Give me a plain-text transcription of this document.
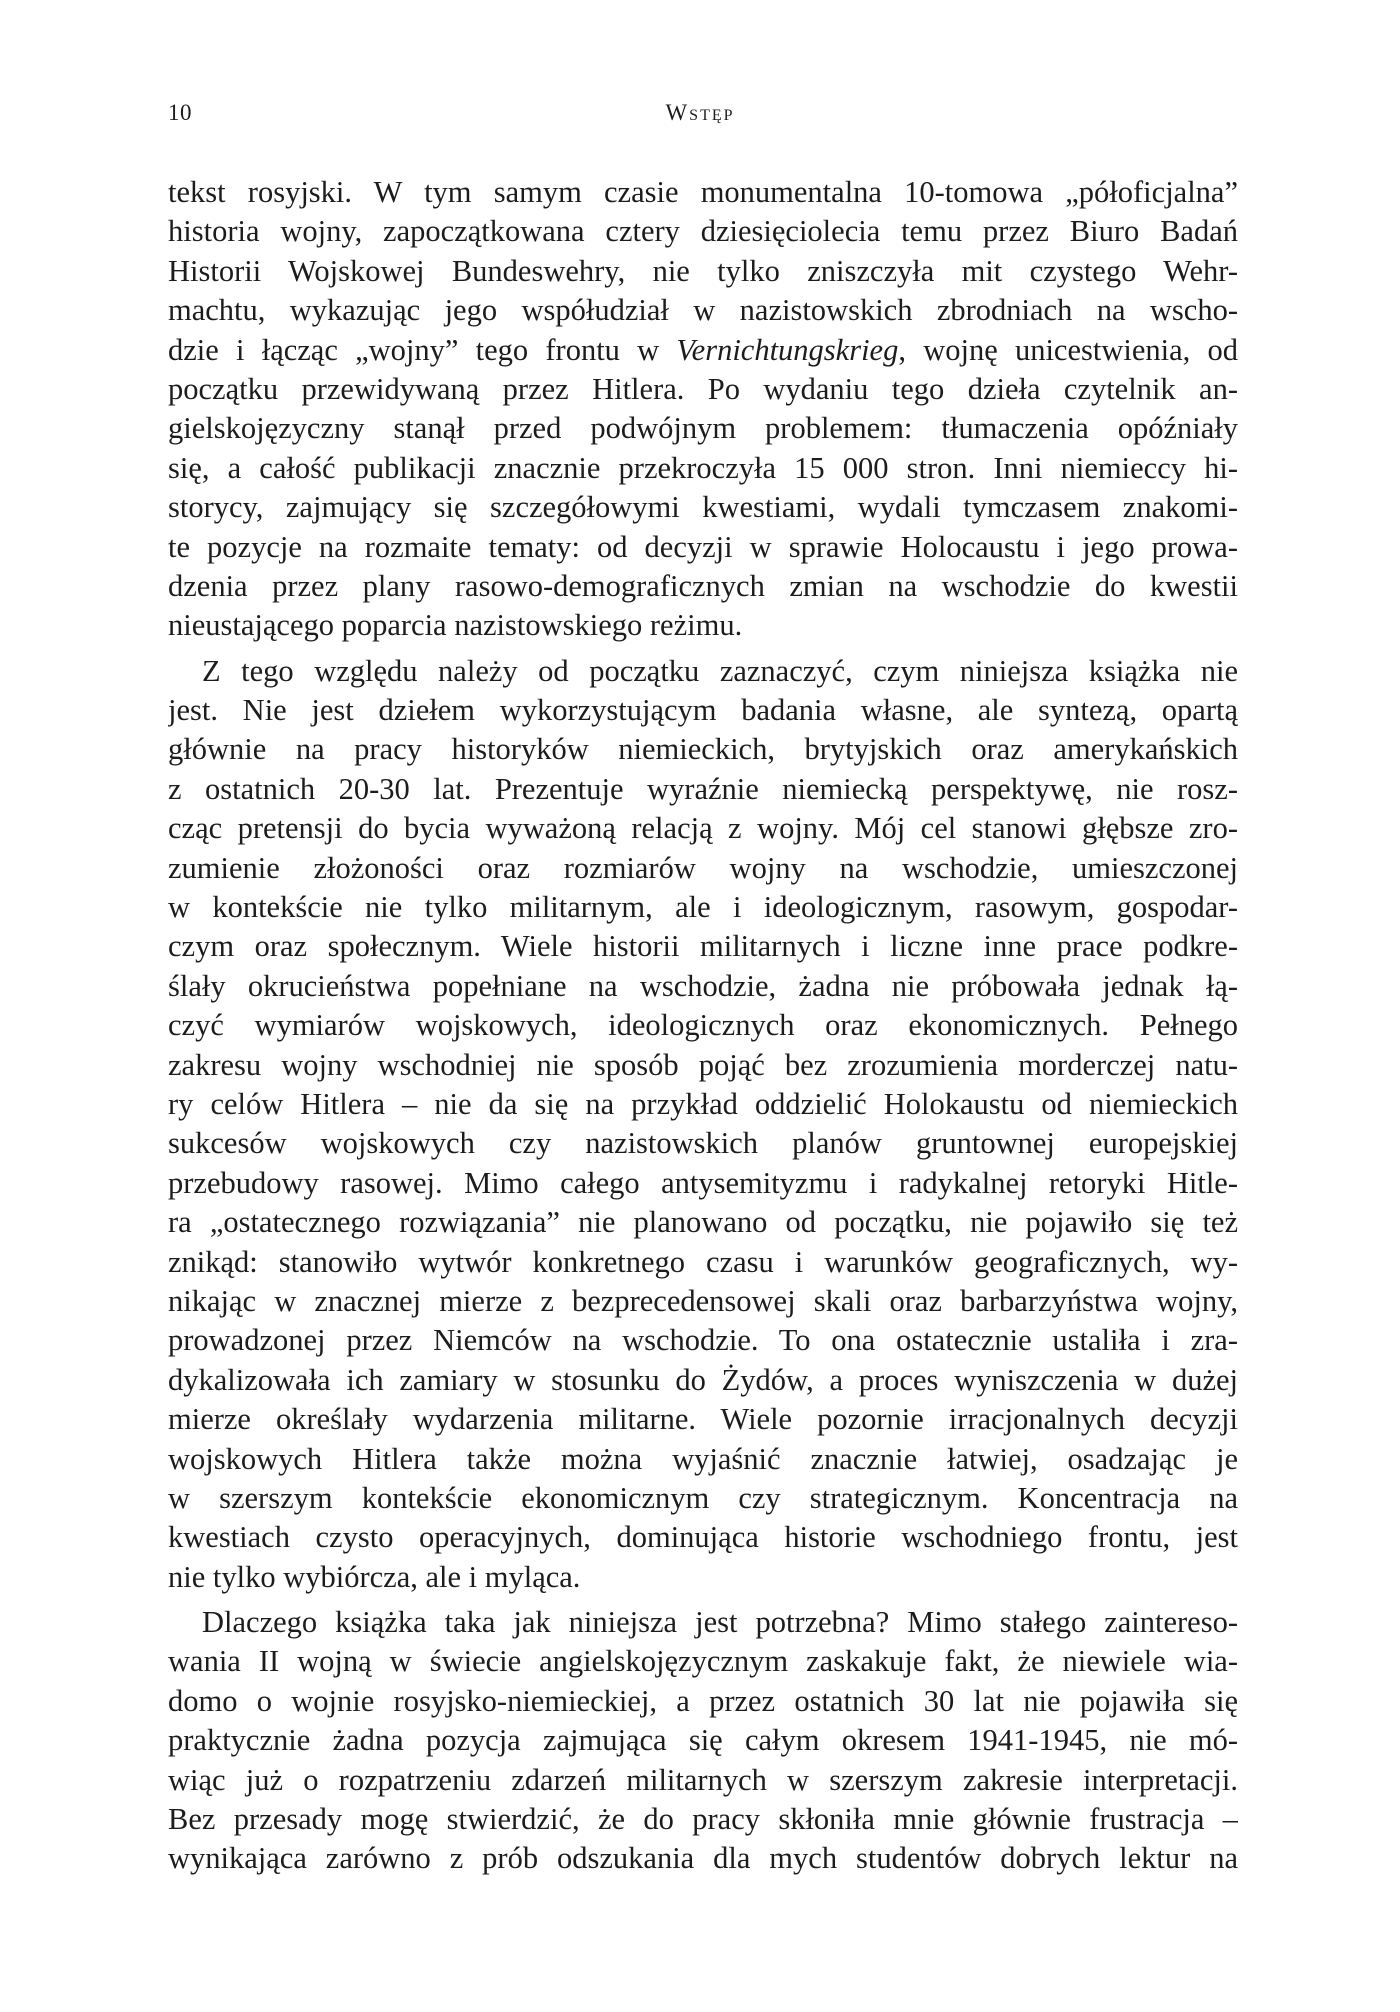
10	Wstęp
tekst rosyjski. W tym samym czasie monumentalna 10-tomowa „półoficjalna”
historia wojny, zapoczątkowana cztery dziesięciolecia temu przez Biuro Badań
Historii Wojskowej Bundeswehry, nie tylko zniszczyła mit czystego Wehr-
machtu, wykazując jego współudział w nazistowskich zbrodniach na wscho-
dzie i łącząc „wojny” tego frontu w Vernichtungskrieg, wojnę unicestwienia, od
początku przewidywaną przez Hitlera. Po wydaniu tego dzieła czytelnik an-
gielskojęzyczny stanął przed podwójnym problemem: tłumaczenia opóźniały
się, a całość publikacji znacznie przekroczyła 15 000 stron. Inni niemieccy hi-
storycy, zajmujący się szczegółowymi kwestiami, wydali tymczasem znakomi-
te pozycje na rozmaite tematy: od decyzji w sprawie Holocaustu i jego prowa-
dzenia przez plany rasowo-demograficznych zmian na wschodzie do kwestii
nieustającego poparcia nazistowskiego reżimu.
Z tego względu należy od początku zaznaczyć, czym niniejsza książka nie
jest. Nie jest dziełem wykorzystującym badania własne, ale syntezą, opartą
głównie na pracy historyków niemieckich, brytyjskich oraz amerykańskich
z ostatnich 20-30 lat. Prezentuje wyraźnie niemiecką perspektywę, nie rosz-
cząc pretensji do bycia wyważoną relacją z wojny. Mój cel stanowi głębsze zro-
zumienie złożoności oraz rozmiarów wojny na wschodzie, umieszczonej
w kontekście nie tylko militarnym, ale i ideologicznym, rasowym, gospodar-
czym oraz społecznym. Wiele historii militarnych i liczne inne prace podkre-
ślały okrucieństwa popełniane na wschodzie, żadna nie próbowała jednak łą-
czyć wymiarów wojskowych, ideologicznych oraz ekonomicznych. Pełnego
zakresu wojny wschodniej nie sposób pojąć bez zrozumienia morderczej natu-
ry celów Hitlera – nie da się na przykład oddzielić Holokaustu od niemieckich
sukcesów wojskowych czy nazistowskich planów gruntownej europejskiej
przebudowy rasowej. Mimo całego antysemityzmu i radykalnej retoryki Hitle-
ra „ostatecznego rozwiązania” nie planowano od początku, nie pojawiło się też
znikąd: stanowiło wytwór konkretnego czasu i warunków geograficznych, wy-
nikając w znacznej mierze z bezprecedensowej skali oraz barbarzyństwa wojny,
prowadzonej przez Niemców na wschodzie. To ona ostatecznie ustaliła i zra-
dykalizowała ich zamiary w stosunku do Żydów, a proces wyniszczenia w dużej
mierze określały wydarzenia militarne. Wiele pozornie irracjonalnych decyzji
wojskowych Hitlera także można wyjaśnić znacznie łatwiej, osadzając je
w szerszym kontekście ekonomicznym czy strategicznym. Koncentracja na
kwestiach czysto operacyjnych, dominująca historie wschodniego frontu, jest
nie tylko wybiórcza, ale i myląca.
Dlaczego książka taka jak niniejsza jest potrzebna? Mimo stałego zaintereso-
wania II wojną w świecie angielskojęzycznym zaskakuje fakt, że niewiele wia-
domo o wojnie rosyjsko-niemieckiej, a przez ostatnich 30 lat nie pojawiła się
praktycznie żadna pozycja zajmująca się całym okresem 1941-1945, nie mó-
wiąc już o rozpatrzeniu zdarzeń militarnych w szerszym zakresie interpretacji.
Bez przesady mogę stwierdzić, że do pracy skłoniła mnie głównie frustracja –
wynikająca zarówno z prób odszukania dla mych studentów dobrych lektur na
